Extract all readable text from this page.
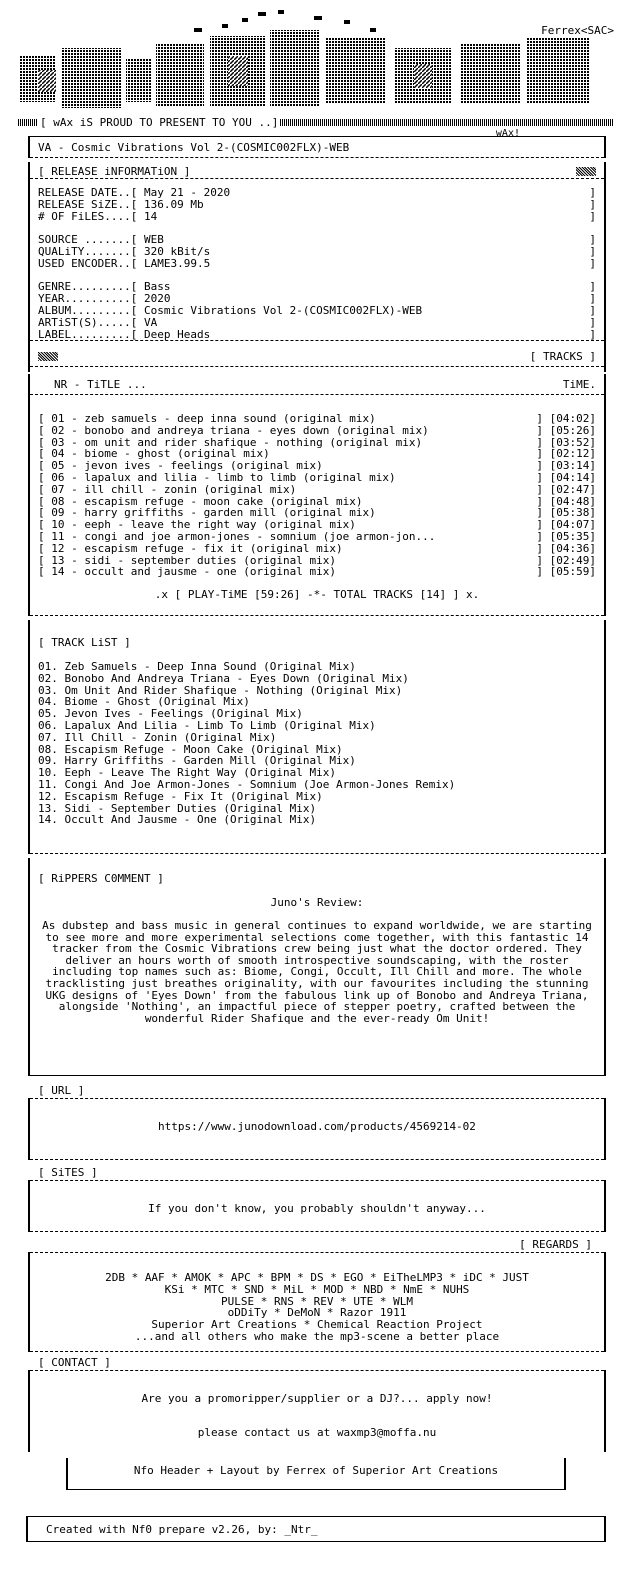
Ferrex<SAC>
[ wAx iS PROUD TO PRESENT TO YOU ..]
wAx!
VA - Cosmic Vibrations Vol 2-(COSMIC002FLX)-WEB
[ RELEASE iNFORMATiON ]
RELEASE DATE..[ May 21 - 2020	]
RELEASE SiZE..[ 136.09 Mb	]
# OF FiLES....[ 14	]
SOURCE .......[ WEB	]
QUALiTY.......[ 320 kBit/s	]
USED ENCODER..[ LAME3.99.5	]
GENRE.........[ Bass	]
YEAR..........[ 2020	]
ALBUM.........[ Cosmic Vibrations Vol 2-(COSMIC002FLX)-WEB	]
ARTiST(S).....[ VA	]
LABEL.........[ Deep Heads	]
[ TRACKS ]
NR - TiTLE ...	TiME.
[ 01 - zeb samuels - deep inna sound (original mix)	] [04:02]
[ 02 - bonobo and andreya triana - eyes down (original mix)	] [05:26]
[ 03 - om unit and rider shafique - nothing (original mix)	] [03:52]
[ 04 - biome - ghost (original mix)	] [02:12]
[ 05 - jevon ives - feelings (original mix)	] [03:14]
[ 06 - lapalux and lilia - limb to limb (original mix)	] [04:14]
[ 07 - ill chill - zonin (original mix)	] [02:47]
[ 08 - escapism refuge - moon cake (original mix)	] [04:48]
[ 09 - harry griffiths - garden mill (original mix)	] [05:38]
[ 10 - eeph - leave the right way (original mix)	] [04:07]
[ 11 - congi and joe armon-jones - somnium (joe armon-jon...	] [05:35]
[ 12 - escapism refuge - fix it (original mix)	] [04:36]
[ 13 - sidi - september duties (original mix)	] [02:49]
[ 14 - occult and jausme - one (original mix)	] [05:59]
.x [ PLAY-TiME [59:26] -*- TOTAL TRACKS [14] ] x.
[ TRACK LiST ]
01. Zeb Samuels - Deep Inna Sound (Original Mix)
02. Bonobo And Andreya Triana - Eyes Down (Original Mix)
03. Om Unit And Rider Shafique - Nothing (Original Mix)
04. Biome - Ghost (Original Mix)
05. Jevon Ives - Feelings (Original Mix)
06. Lapalux And Lilia - Limb To Limb (Original Mix)
07. Ill Chill - Zonin (Original Mix)
08. Escapism Refuge - Moon Cake (Original Mix)
09. Harry Griffiths - Garden Mill (Original Mix)
10. Eeph - Leave The Right Way (Original Mix)
11. Congi And Joe Armon-Jones - Somnium (Joe Armon-Jones Remix)
12. Escapism Refuge - Fix It (Original Mix)
13. Sidi - September Duties (Original Mix)
14. Occult And Jausme - One (Original Mix)
[ RiPPERS C0MMENT ]
Juno's Review:
As dubstep and bass music in general continues to expand worldwide, we are starting to see more and more experimental selections come together, with this fantastic 14 tracker from the Cosmic Vibrations crew being just what the doctor ordered. They deliver an hours worth of smooth introspective soundscaping, with the roster including top names such as: Biome, Congi, Occult, Ill Chill and more. The whole tracklisting just breathes originality, with our favourites including the stunning UKG designs of 'Eyes Down' from the fabulous link up of Bonobo and Andreya Triana, alongside 'Nothing', an impactful piece of stepper poetry, crafted between the wonderful Rider Shafique and the ever-ready Om Unit!
[ URL ]
https://www.junodownload.com/products/4569214-02
[ SiTES ]
If you don't know, you probably shouldn't anyway...
[ REGARDS ]
2DB * AAF * AMOK * APC * BPM * DS * EGO * EiTheLMP3 * iDC * JUST
KSi * MTC * SND * MiL * MOD * NBD * NmE * NUHS
PULSE * RNS * REV * UTE * WLM
oDDiTy * DeMoN * Razor 1911
Superior Art Creations * Chemical Reaction Project
...and all others who make the mp3-scene a better place
[ CONTACT ]
Are you a promoripper/supplier or a DJ?... apply now!
please contact us at waxmp3@moffa.nu
Nfo Header + Layout by Ferrex of Superior Art Creations
Created with Nf0 prepare v2.26, by: _Ntr_
